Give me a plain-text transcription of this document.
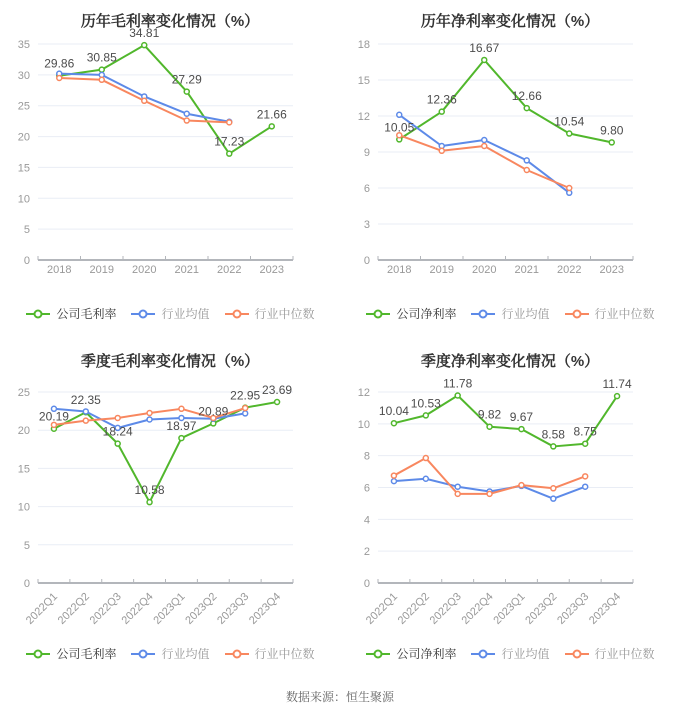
历年毛利率变化情况（%）
0
5
10
15
20
25
30
35
2018 2019 2020 2021 2022 2023
29.86 30.85
34.81
27.29
17.23
21.66
公司毛利率	行业均值	行业中位数
历年净利率变化情况（%）
0
3
6
9
12
15
18
2018 2019 2020 2021 2022 2023
10.05
12.36
16.67
12.66
10.54
9.80
公司净利率	行业均值	行业中位数
季度毛利率变化情况（%）
0
5
10
15
20
25
2022Q1
2022Q2
2022Q3
2022Q4
2023Q1
2023Q2
2023Q3
2023Q4
20.19
22.35
18.24
10.58
18.97
20.89
22.95 23.69
公司毛利率	行业均值	行业中位数
季度净利率变化情况（%）
0
2
4
6
8
10
12
2022Q1
2022Q2
2022Q3
2022Q4
2023Q1
2023Q2
2023Q3
2023Q4
10.04
10.53
11.78
9.82 9.67
8.58 8.75
11.74
公司净利率	行业均值	行业中位数
数据来源：恒生聚源
